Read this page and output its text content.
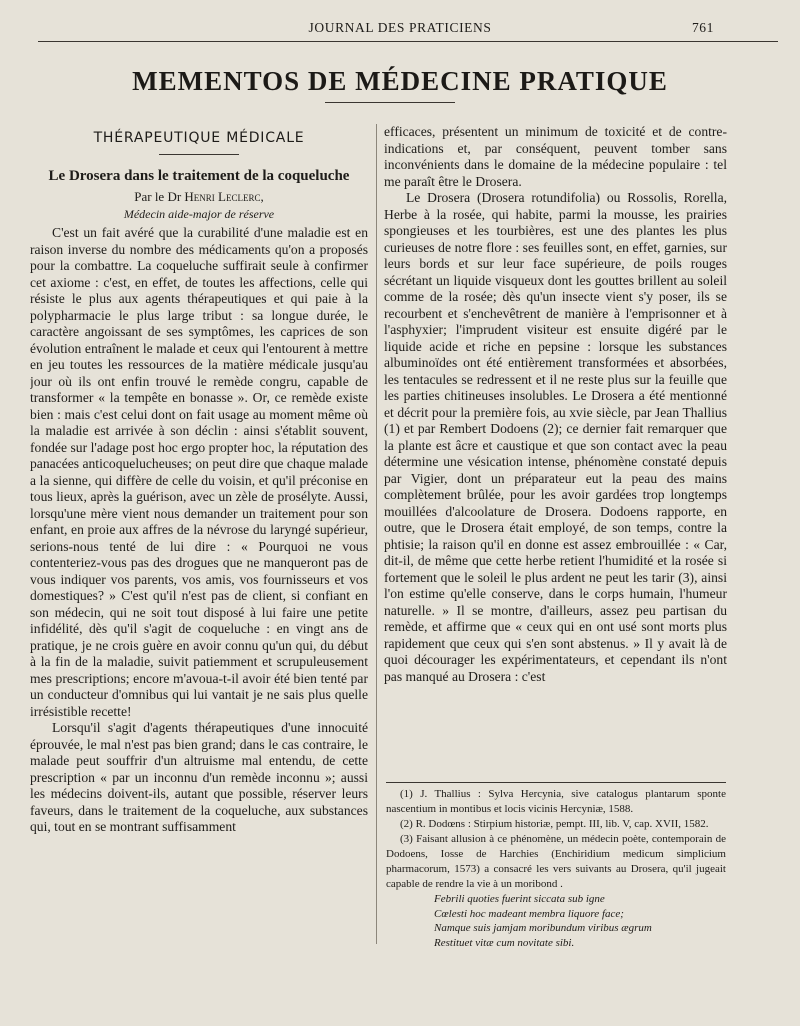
JOURNAL DES PRATICIENS	761
MEMENTOS DE MÉDECINE PRATIQUE
THÉRAPEUTIQUE MÉDICALE
Le Drosera dans le traitement de la coqueluche
Par le Dr Henri Leclerc,
Médecin aide-major de réserve

C'est un fait avéré que la curabilité d'une maladie est en raison inverse du nombre des médicaments qu'on a proposés pour la combattre. La coqueluche suffirait seule à confirmer cet axiome : c'est, en effet, de toutes les affections, celle qui résiste le plus aux agents thérapeutiques et qui paie à la polypharmacie le plus large tribut : sa longue durée, le caractère angoissant de ses symptômes, les caprices de son évolution entraînent le malade et ceux qui l'entourent à mettre en jeu toutes les ressources de la matière médicale jusqu'au jour où ils ont enfin trouvé le remède congru, capable de transformer « la tempête en bonasse ». Or, ce remède existe bien : mais c'est celui dont on fait usage au moment même où la maladie est arrivée à son déclin : ainsi s'établit souvent, fondée sur l'adage post hoc ergo propter hoc, la réputation des panacées anticoquelucheuses; on peut dire que chaque malade a la sienne, qui diffère de celle du voisin, et qu'il préconise en tous lieux, après la guérison, avec un zèle de prosélyte. Aussi, lorsqu'une mère vient nous demander un traitement pour son enfant, en proie aux affres de la névrose du laryngé supérieur, serions-nous tenté de lui dire : « Pourquoi ne vous contenteriez-vous pas des drogues que ne manqueront pas de vous indiquer vos parents, vos amis, vos fournisseurs et vos domestiques? » C'est qu'il n'est pas de client, si confiant en son médecin, qui ne soit tout disposé à lui faire une petite infidélité, dès qu'il s'agit de coqueluche : en vingt ans de pratique, je ne crois guère en avoir connu qu'un qui, du début à la fin de la maladie, suivit patiemment et scrupuleusement mes prescriptions; encore m'avoua-t-il avoir été bien tenté par un conducteur d'omnibus qui lui vantait je ne sais plus quelle irrésistible recette!

Lorsqu'il s'agit d'agents thérapeutiques d'une innocuité éprouvée, le mal n'est pas bien grand; dans le cas contraire, le malade peut souffrir d'un altruisme mal entendu, de cette prescription « par un inconnu d'un remède inconnu »; aussi les médecins doivent-ils, autant que possible, réserver leurs faveurs, dans le traitement de la coqueluche, aux substances qui, tout en se montrant suffisamment

efficaces, présentent un minimum de toxicité et de contre-indications et, par conséquent, peuvent tomber sans inconvénients dans le domaine de la médecine populaire : tel me paraît être le Drosera.

Le Drosera (Drosera rotundifolia) ou Rossolis, Rorella, Herbe à la rosée, qui habite, parmi la mousse, les prairies spongieuses et les tourbières, est une des plantes les plus curieuses de notre flore : ses feuilles sont, en effet, garnies, sur leurs bords et sur leur face supérieure, de poils rouges sécrétant un liquide visqueux dont les gouttes brillent au soleil comme de la rosée; dès qu'un insecte vient s'y poser, ils se recourbent et s'enchevêtrent de manière à l'emprisonner et à l'asphyxier; l'imprudent visiteur est ensuite digéré par le liquide acide et riche en pepsine : lorsque les substances albuminoïdes ont été entièrement transformées et absorbées, les tentacules se redressent et il ne reste plus sur la feuille que les parties chitineuses insolubles. Le Drosera a été mentionné et décrit pour la première fois, au xvie siècle, par Jean Thallius (1) et par Rembert Dodoens (2); ce dernier fait remarquer que la plante est âcre et caustique et que son contact avec la peau détermine une vésication intense, phénomène constaté depuis par Vigier, dont un préparateur eut la peau des mains complètement brûlée, pour les avoir gardées trop longtemps mouillées d'alcoolature de Drosera. Dodoens rapporte, en outre, que le Drosera était employé, de son temps, contre la phtisie; la raison qu'il en donne est assez embrouillée : « Car, dit-il, de même que cette herbe retient l'humidité et la rosée si fortement que le soleil le plus ardent ne peut les tarir (3), ainsi l'on estime qu'elle conserve, dans le corps humain, l'humeur naturelle. » Il se montre, d'ailleurs, assez peu partisan du remède, et affirme que « ceux qui en ont usé sont morts plus rapidement que ceux qui s'en sont abstenus. » Il y avait là de quoi décourager les expérimentateurs, et cependant ils n'ont pas manqué au Drosera : c'est

(1) J. Thallius : Sylva Hercynia, sive catalogus plantarum sponte nascentium in montibus et locis vicinis Hercyniæ, 1588.

(2) R. Dodœns : Stirpium historiæ, pempt. III, lib. V, cap. XVII, 1582.

(3) Faisant allusion à ce phénomène, un médecin poète, contemporain de Dodoens, Iosse de Harchies (Enchiridium medicum simplicium pharmacorum, 1573) a consacré les vers suivants au Drosera, qu'il jugeait capable de rendre la vie à un moribond .

Febrili quoties fuerint siccata sub igne

Cœlesti hoc madeant membra liquore face;

Namque suis jamjam moribundum viribus ægrum

Restituet vitæ cum novitate sibi.
